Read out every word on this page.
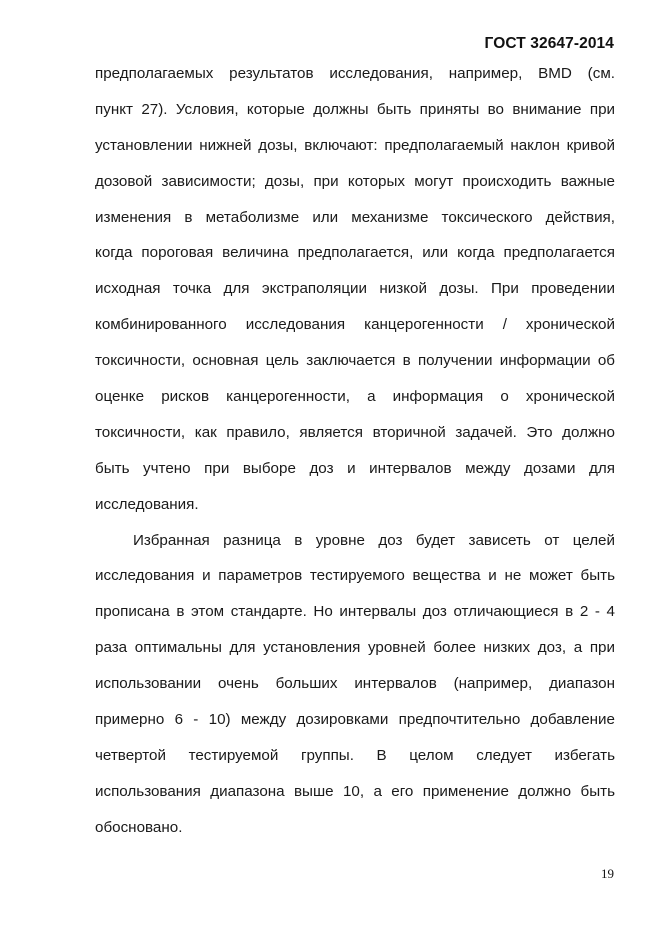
ГОСТ 32647-2014

предполагаемых результатов исследования, например, BMD (см.
пункт 27). Условия, которые должны быть приняты во внимание при
установлении нижней дозы, включают: предполагаемый наклон кривой
дозовой зависимости; дозы, при которых могут происходить важные
изменения в метаболизме или механизме токсического действия,
когда пороговая величина предполагается, или когда предполагается
исходная точка для экстраполяции низкой дозы. При проведении
комбинированного исследования канцерогенности / хронической
токсичности, основная цель заключается в получении информации об
оценке рисков канцерогенности, а информация о хронической
токсичности, как правило, является вторичной задачей. Это должно
быть учтено при выборе доз и интервалов между дозами для
исследования.

Избранная разница в уровне доз будет зависеть от целей
исследования и параметров тестируемого вещества и не может быть
прописана в этом стандарте. Но интервалы доз отличающиеся в 2 - 4
раза оптимальны для установления уровней более низких доз, а при
использовании очень больших интервалов (например, диапазон
примерно 6 - 10) между дозировками предпочтительно добавление
четвертой тестируемой группы. В целом следует избегать
использования диапазона выше 10, а его применение должно быть
обосновано.

19
